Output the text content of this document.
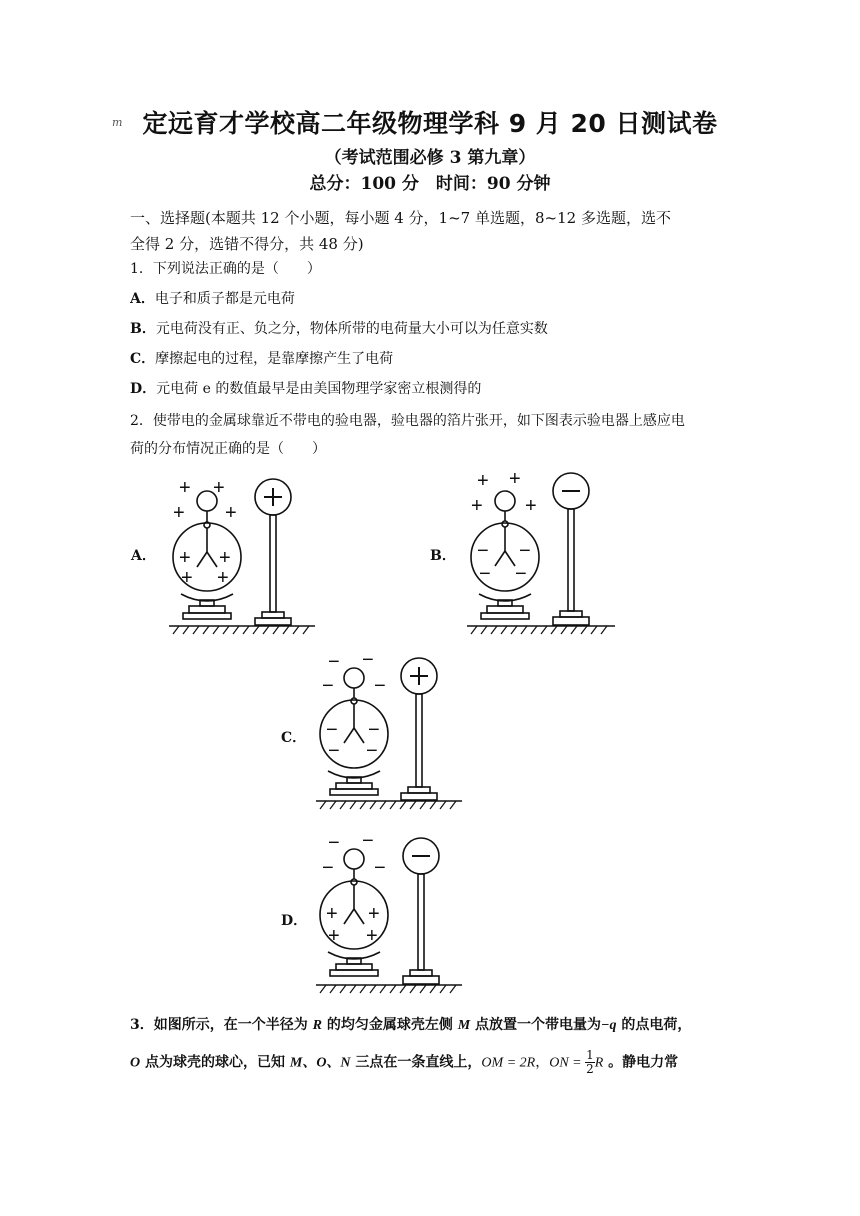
m 定远育才学校高二年级物理学科 9 月 20 日测试卷
（考试范围必修 3 第九章）
总分：100 分　时间：90 分钟
一、选择题(本题共 12 个小题，每小题 4 分，1~7 单选题，8~12 多选题，选不
全得 2 分，选错不得分，共 48 分)
1．下列说法正确的是（　　）
A．电子和质子都是元电荷
B．元电荷没有正、负之分，物体所带的电荷量大小可以为任意实数
C．摩擦起电的过程，是靠摩擦产生了电荷
D．元电荷 e 的数值最早是由美国物理学家密立根测得的
2．使带电的金属球靠近不带电的验电器，验电器的箔片张开，如下图表示验电器上感应电
荷的分布情况正确的是（　　）
A．	B．
C．
D．
+ +
+ +
+ +
+ +
+ +
+ +
− −
− −
− −
− −
− −
− −
− −
− −
+ +
+ +
3．如图所示，在一个半径为 R 的均匀金属球壳左侧 M 点放置一个带电量为−q 的点电荷，
O 点为球壳的球心，已知 M、O、N 三点在一条直线上，OM = 2R，ON = $\frac{1}{2}$ R 。静电力常
